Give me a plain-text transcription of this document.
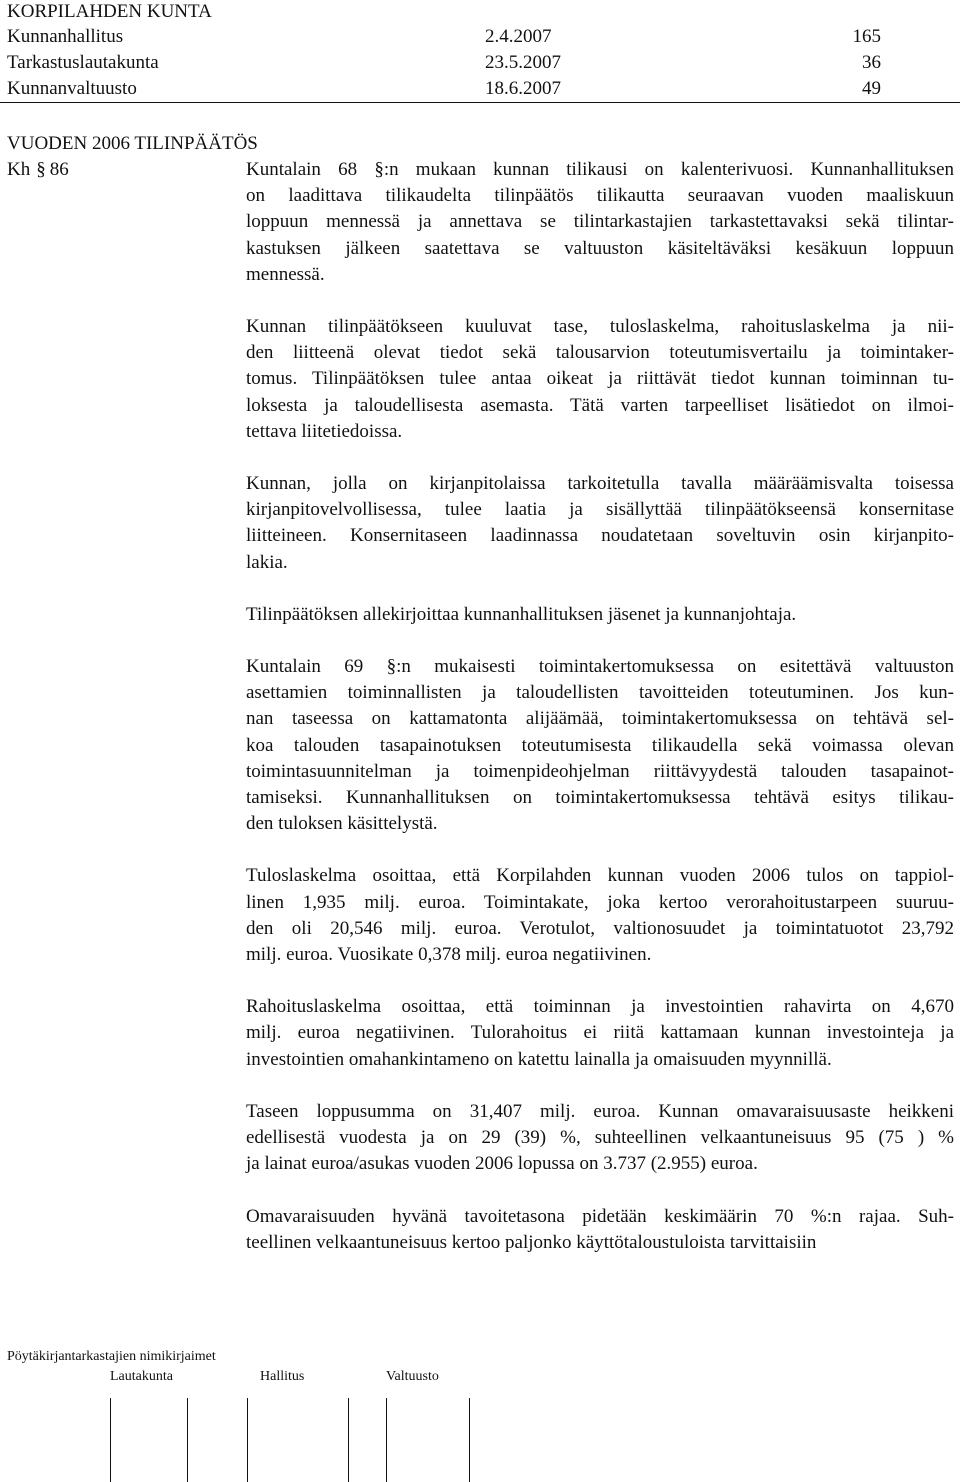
KORPILAHDEN KUNTA
Kunnanhallitus	2.4.2007	165
Tarkastuslautakunta	23.5.2007	36
Kunnanvaltuusto	18.6.2007	49
VUODEN 2006 TILINPÄÄTÖS
Kh § 86	Kuntalain 68 §:n mukaan kunnan tilikausi on kalenterivuosi. Kunnanhallituksen
on laadittava tilikaudelta tilinpäätös tilikautta seuraavan vuoden maaliskuun
loppuun mennessä ja annettava se tilintarkastajien tarkastettavaksi sekä tilintar-
kastuksen jälkeen saatettava se valtuuston käsiteltäväksi kesäkuun loppuun
mennessä.
Kunnan tilinpäätökseen kuuluvat tase, tuloslaskelma, rahoituslaskelma ja nii-
den liitteenä olevat tiedot sekä talousarvion toteutumisvertailu ja toimintaker-
tomus. Tilinpäätöksen tulee antaa oikeat ja riittävät tiedot kunnan toiminnan tu-
loksesta ja taloudellisesta asemasta. Tätä varten tarpeelliset lisätiedot on ilmoi-
tettava liitetiedoissa.
Kunnan, jolla on kirjanpitolaissa tarkoitetulla tavalla määräämisvalta toisessa
kirjanpitovelvollisessa, tulee laatia ja sisällyttää tilinpäätökseensä konsernitase
liitteineen. Konsernitaseen laadinnassa noudatetaan soveltuvin osin kirjanpito-
lakia.
Tilinpäätöksen allekirjoittaa kunnanhallituksen jäsenet ja kunnanjohtaja.
Kuntalain 69 §:n mukaisesti toimintakertomuksessa on esitettävä valtuuston
asettamien toiminnallisten ja taloudellisten tavoitteiden toteutuminen. Jos kun-
nan taseessa on kattamatonta alijäämää, toimintakertomuksessa on tehtävä sel-
koa talouden tasapainotuksen toteutumisesta tilikaudella sekä voimassa olevan
toimintasuunnitelman ja toimenpideohjelman riittävyydestä talouden tasapainot-
tamiseksi. Kunnanhallituksen on toimintakertomuksessa tehtävä esitys tilikau-
den tuloksen käsittelystä.
Tuloslaskelma osoittaa, että Korpilahden kunnan vuoden 2006 tulos on tappiol-
linen 1,935 milj. euroa. Toimintakate, joka kertoo verorahoitustarpeen suuruu-
den oli 20,546 milj. euroa. Verotulot, valtionosuudet ja toimintatuotot 23,792
milj. euroa. Vuosikate 0,378 milj. euroa negatiivinen.
Rahoituslaskelma osoittaa, että toiminnan ja investointien rahavirta on 4,670
milj. euroa negatiivinen. Tulorahoitus ei riitä kattamaan kunnan investointeja ja
investointien omahankintameno on katettu lainalla ja omaisuuden myynnillä.
Taseen loppusumma on 31,407 milj. euroa. Kunnan omavaraisuusaste heikkeni
edellisestä vuodesta ja on 29 (39) %, suhteellinen velkaantuneisuus 95 (75 ) %
ja lainat euroa/asukas vuoden 2006 lopussa on 3.737 (2.955) euroa.
Omavaraisuuden hyvänä tavoitetasona pidetään keskimäärin 70 %:n rajaa. Suh-
teellinen velkaantuneisuus kertoo paljonko käyttötaloustuloista tarvittaisiin
Pöytäkirjantarkastajien nimikirjaimet
Lautakunta	Hallitus	Valtuusto
